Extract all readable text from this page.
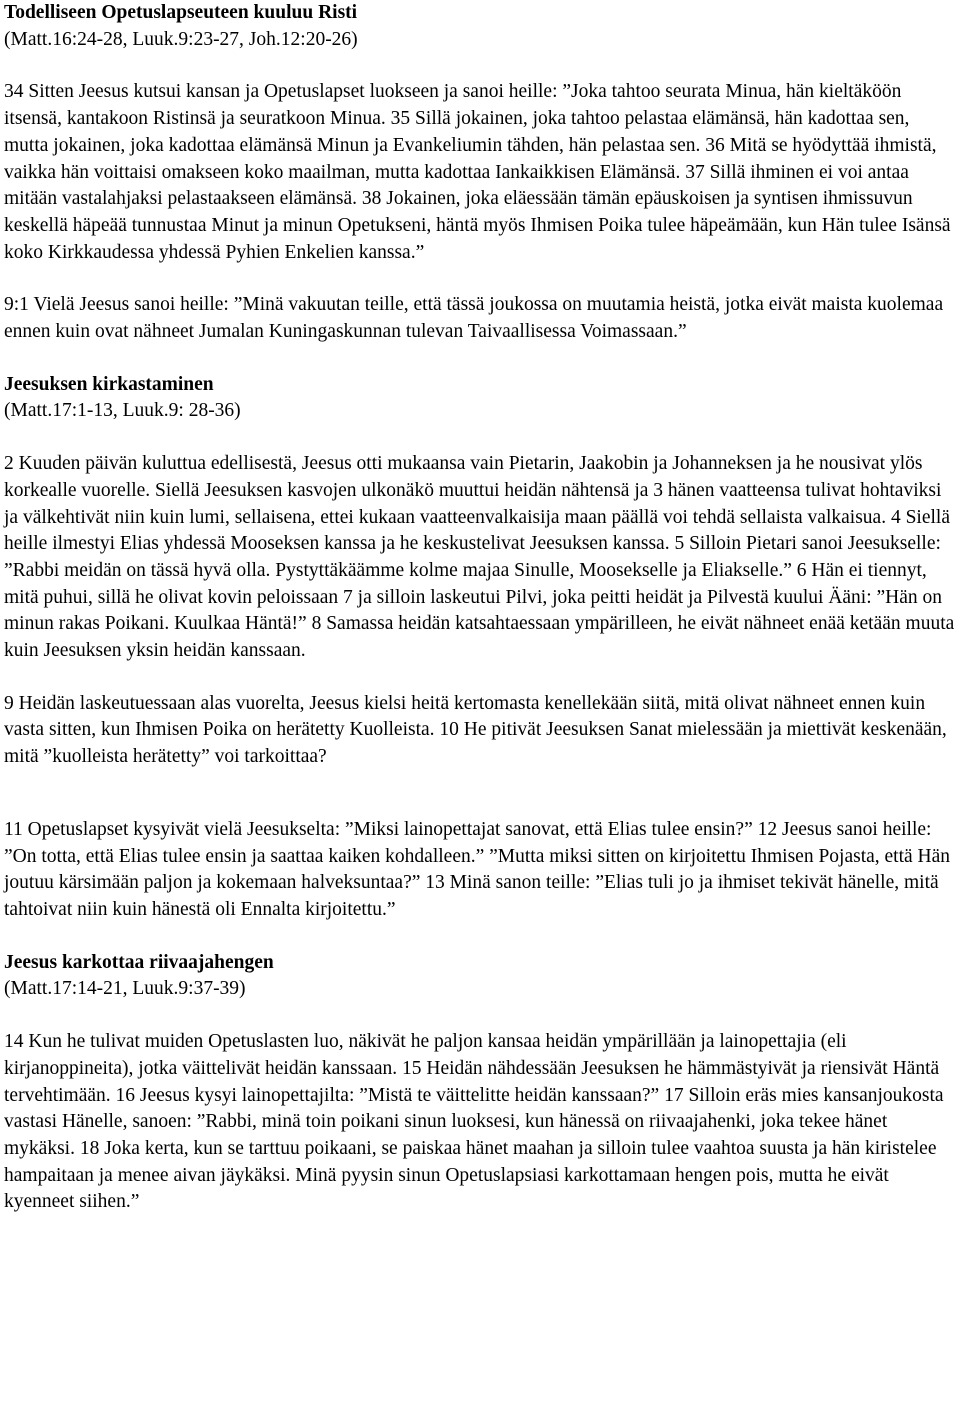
Todelliseen Opetuslapseuteen kuuluu Risti
(Matt.16:24-28, Luuk.9:23-27, Joh.12:20-26)

34 Sitten Jeesus kutsui kansan ja Opetuslapset luokseen ja sanoi heille: ”Joka tahtoo seurata Minua, hän kieltäköön itsensä, kantakoon Ristinsä ja seuratkoon Minua. 35 Sillä jokainen, joka tahtoo pelastaa elämänsä, hän kadottaa sen, mutta jokainen, joka kadottaa elämänsä Minun ja Evankeliumin tähden, hän pelastaa sen. 36 Mitä se hyödyttää ihmistä, vaikka hän voittaisi omakseen koko maailman, mutta kadottaa Iankaikkisen Elämänsä. 37 Sillä ihminen ei voi antaa mitään vastalahjaksi pelastaakseen elämänsä. 38 Jokainen, joka eläessään tämän epäuskoisen ja syntisen ihmissuvun keskellä häpeää tunnustaa Minut ja minun Opetukseni, häntä myös Ihmisen Poika tulee häpeämään, kun Hän tulee Isänsä koko Kirkkaudessa yhdessä Pyhien Enkelien kanssa.”

9:1 Vielä Jeesus sanoi heille: ”Minä vakuutan teille, että tässä joukossa on muutamia heistä, jotka eivät maista kuolemaa ennen kuin ovat nähneet Jumalan Kuningaskunnan tulevan Taivaallisessa Voimassaan.”

Jeesuksen kirkastaminen
(Matt.17:1-13, Luuk.9: 28-36)

2 Kuuden päivän kuluttua edellisestä, Jeesus otti mukaansa vain Pietarin, Jaakobin ja Johanneksen ja he nousivat ylös korkealle vuorelle. Siellä Jeesuksen kasvojen ulkonäkö muuttui heidän nähtensä ja 3 hänen vaatteensa tulivat hohtaviksi ja välkehtivät niin kuin lumi, sellaisena, ettei kukaan vaatteenvalkaisija maan päällä voi tehdä sellaista valkaisua. 4 Siellä heille ilmestyi Elias yhdessä Mooseksen kanssa ja he keskustelivat Jeesuksen kanssa. 5 Silloin Pietari sanoi Jeesukselle: ”Rabbi meidän on tässä hyvä olla. Pystyttäkäämme kolme majaa Sinulle, Moosekselle ja Eliakselle.” 6 Hän ei tiennyt, mitä puhui, sillä he olivat kovin peloissaan 7 ja silloin laskeutui Pilvi, joka peitti heidät ja Pilvestä kuului Ääni: ”Hän on minun rakas Poikani. Kuulkaa Häntä!” 8 Samassa heidän katsahtaessaan ympärilleen, he eivät nähneet enää ketään muuta kuin Jeesuksen yksin heidän kanssaan.

9 Heidän laskeutuessaan alas vuorelta, Jeesus kielsi heitä kertomasta kenellekään siitä, mitä olivat nähneet ennen kuin vasta sitten, kun Ihmisen Poika on herätetty Kuolleista. 10 He pitivät Jeesuksen Sanat mielessään ja miettivät keskenään, mitä ”kuolleista herätetty” voi tarkoittaa?

11 Opetuslapset kysyivät vielä Jeesukselta: ”Miksi lainopettajat sanovat, että Elias tulee ensin?” 12 Jeesus sanoi heille: ”On totta, että Elias tulee ensin ja saattaa kaiken kohdalleen.” ”Mutta miksi sitten on kirjoitettu Ihmisen Pojasta, että Hän joutuu kärsimään paljon ja kokemaan halveksuntaa?” 13 Minä sanon teille: ”Elias tuli jo ja ihmiset tekivät hänelle, mitä tahtoivat niin kuin hänestä oli Ennalta kirjoitettu.”

Jeesus karkottaa riivaajahengen
(Matt.17:14-21, Luuk.9:37-39)

14 Kun he tulivat muiden Opetuslasten luo, näkivät he paljon kansaa heidän ympärillään ja lainopettajia (eli kirjanoppineita), jotka väittelivät heidän kanssaan. 15 Heidän nähdessään Jeesuksen he hämmästyivät ja riensivät Häntä tervehtimään. 16 Jeesus kysyi lainopettajilta: ”Mistä te väittelitte heidän kanssaan?” 17 Silloin eräs mies kansanjoukosta vastasi Hänelle, sanoen: ”Rabbi, minä toin poikani sinun luoksesi, kun hänessä on riivaajahenki, joka tekee hänet mykäksi. 18 Joka kerta, kun se tarttuu poikaani, se paiskaa hänet maahan ja silloin tulee vaahtoa suusta ja hän kiristelee hampaitaan ja menee aivan jäykäksi. Minä pyysin sinun Opetuslapsiasi karkottamaan hengen pois, mutta he eivät kyenneet siihen.”
